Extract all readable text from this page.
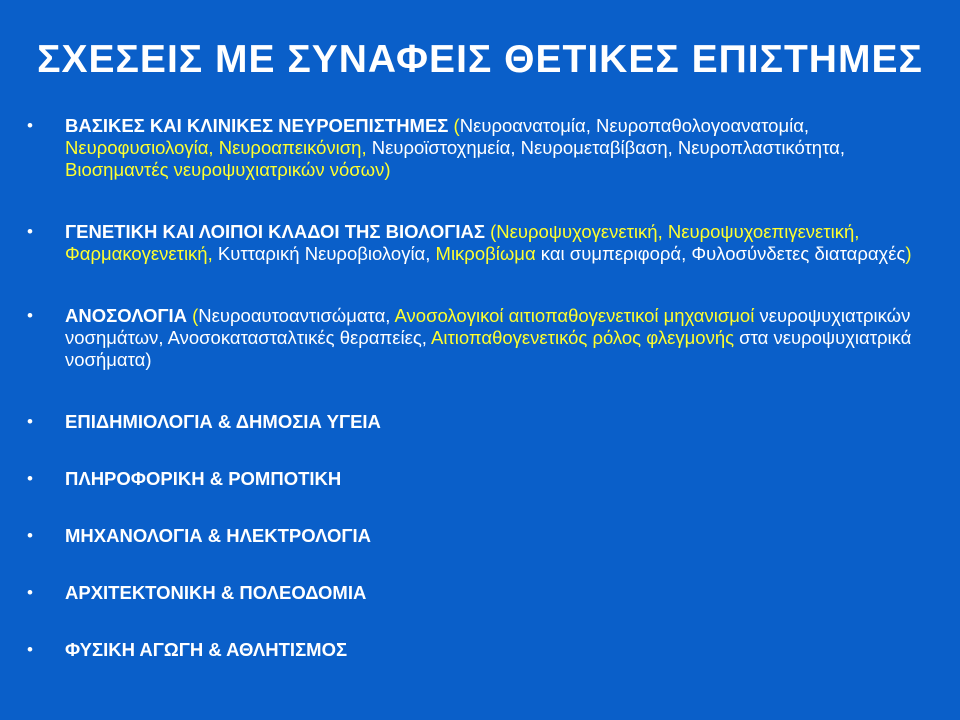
ΣΧΕΣΕΙΣ ΜΕ ΣΥΝΑΦΕΙΣ ΘΕΤΙΚΕΣ ΕΠΙΣΤΗΜΕΣ
• ΒΑΣΙΚΕΣ ΚΑΙ ΚΛΙΝΙΚΕΣ ΝΕΥΡΟΕΠΙΣΤΗΜΕΣ (Νευροανατομία, Νευροπαθολογοανατομία, Νευροφυσιολογία, Νευροαπεικόνιση, Νευροϊστοχημεία, Νευρομεταβίβαση, Νευροπλαστικότητα, Βιοσημαντές νευροψυχιατρικών νόσων)
• ΓΕΝΕΤΙΚΗ ΚΑΙ ΛΟΙΠΟΙ ΚΛΑΔΟΙ ΤΗΣ ΒΙΟΛΟΓΙΑΣ (Νευροψυχογενετική, Νευροψυχοεπιγενετική, Φαρμακογενετική, Κυτταρική Νευροβιολογία, Μικροβίωμα και συμπεριφορά, Φυλοσύνδετες διαταραχές)
• ΑΝΟΣΟΛΟΓΙΑ (Νευροαυτοαντισώματα, Ανοσολογικοί αιτιοπαθογενετικοί μηχανισμοί νευροψυχιατρικών νοσημάτων, Ανοσοκατασταλτικές θεραπείες, Αιτιοπαθογενετικός ρόλος φλεγμονής στα νευροψυχιατρικά νοσήματα)
• ΕΠΙΔΗΜΙΟΛΟΓΙΑ & ΔΗΜΟΣΙΑ ΥΓΕΙΑ
• ΠΛΗΡΟΦΟΡΙΚΗ & ΡΟΜΠΟΤΙΚΗ
• ΜΗΧΑΝΟΛΟΓΙΑ & ΗΛΕΚΤΡΟΛΟΓΙΑ
• ΑΡΧΙΤΕΚΤΟΝΙΚΗ & ΠΟΛΕΟΔΟΜΙΑ
• ΦΥΣΙΚΗ ΑΓΩΓΗ & ΑΘΛΗΤΙΣΜΟΣ
